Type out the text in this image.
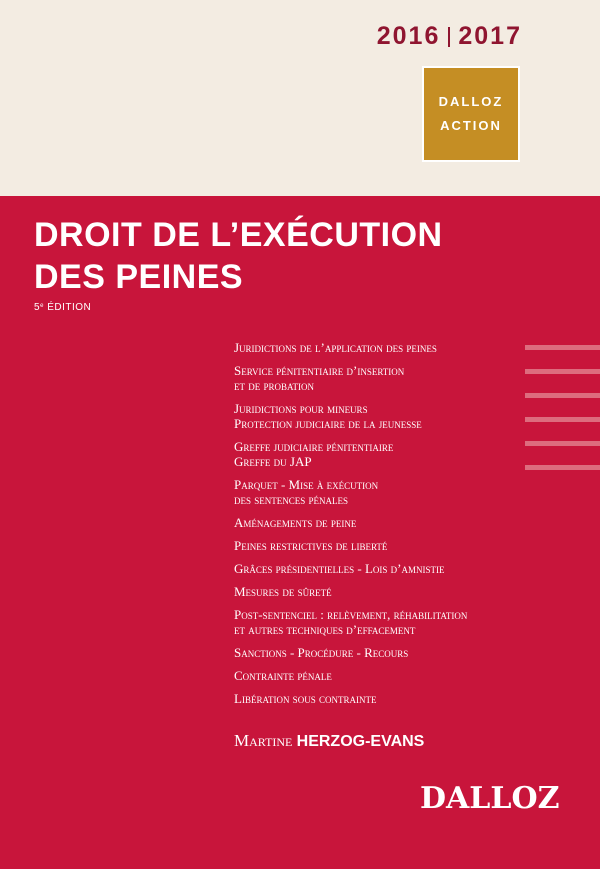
2016 2017
DALLOZ
ACTION
DROIT DE L’EXÉCUTION
DES PEINES
5e ÉDITION
Juridictions de l’application des peines
Service pénitentiaire d’insertion
et de probation
Juridictions pour mineurs
Protection judiciaire de la jeunesse
Greffe judiciaire pénitentiaire
Greffe du JAP
Parquet - Mise à exécution
des sentences pénales
Aménagements de peine
Peines restrictives de liberté
Grâces présidentielles - Lois d’amnistie
Mesures de sûreté
Post-sentenciel : relèvement, réhabilitation
et autres techniques d’effacement
Sanctions - Procédure - Recours
Contrainte pénale
Libération sous contrainte
Martine HERZOG-EVANS
DALLOZ
